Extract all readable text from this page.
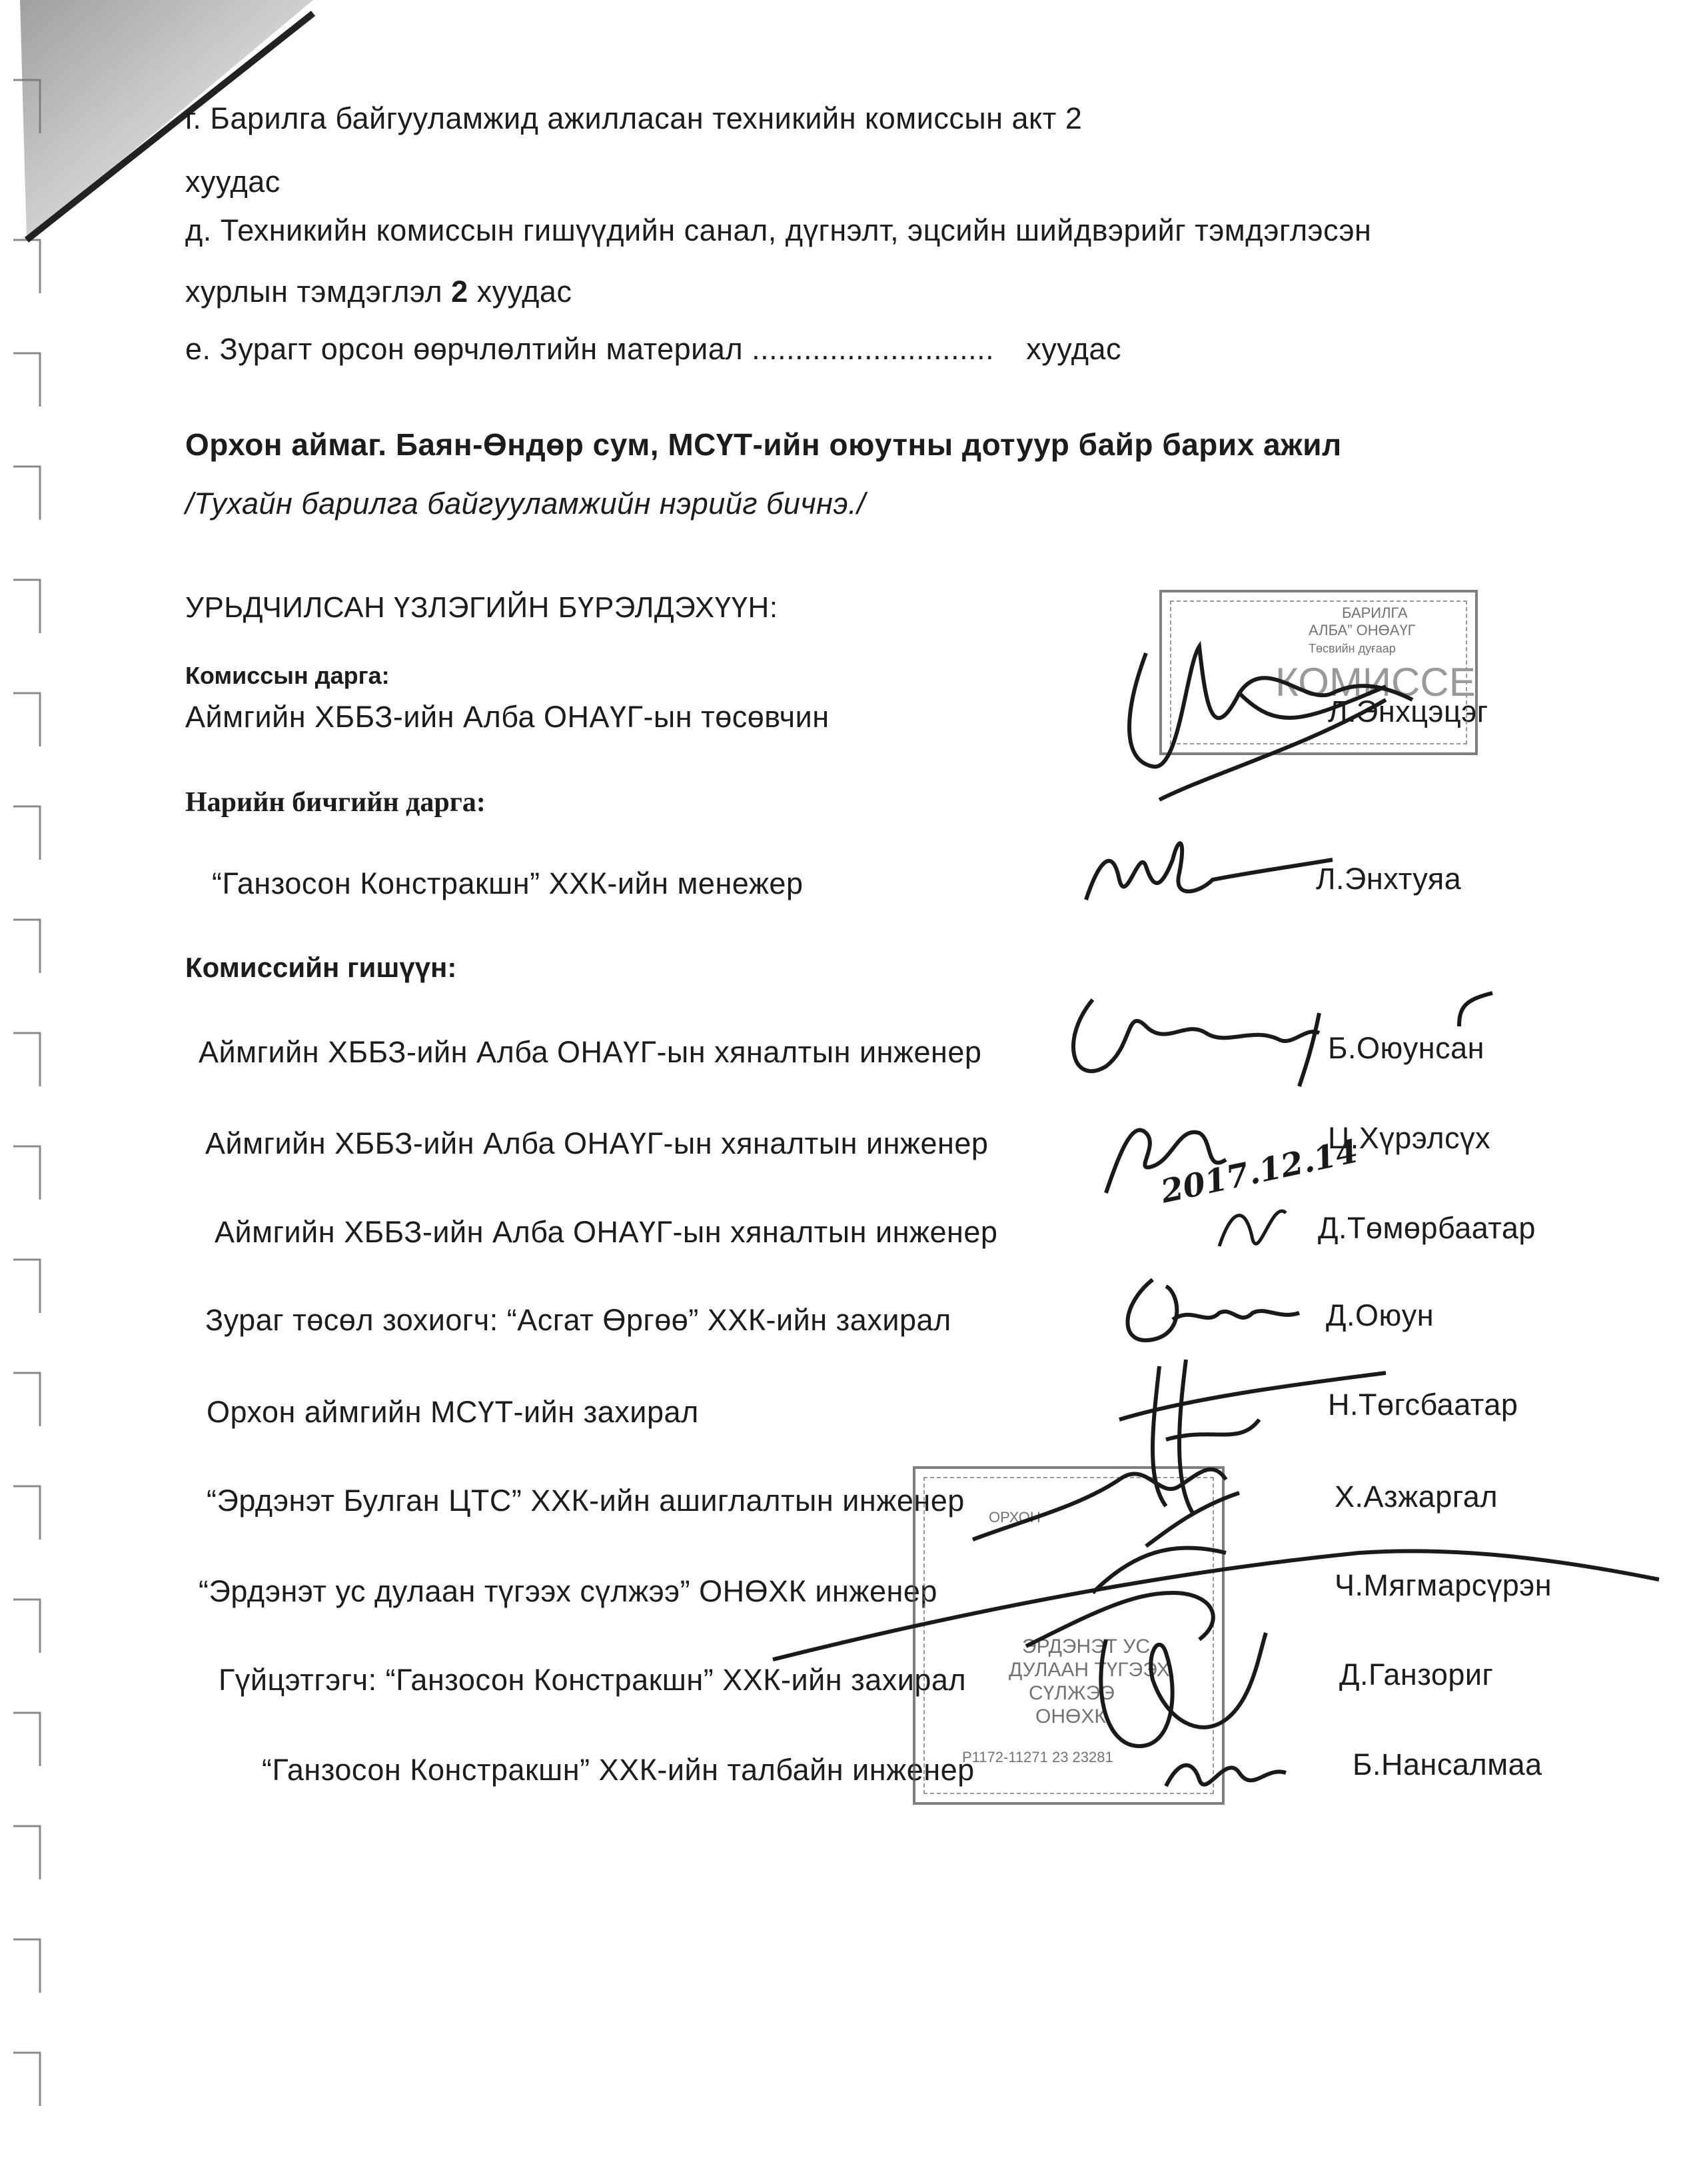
г. Барилга байгууламжид ажилласан техникийн комиссын акт 2
хуудас
д. Техникийн комиссын гишүүдийн санал, дүгнэлт, эцсийн шийдвэрийг тэмдэглэсэн
хурлын тэмдэглэл 2 хуудас
е. Зурагт орсон өөрчлөлтийн материал ............................ хуудас
Орхон аймаг. Баян-Өндөр сум, МСҮТ-ийн оюутны дотуур байр барих ажил
/Тухайн барилга байгууламжийн нэрийг бичнэ./
УРЬДЧИЛСАН ҮЗЛЭГИЙН БҮРЭЛДЭХҮҮН:
Комиссын дарга:
Аймгийн ХББЗ-ийн Алба ОНАҮГ-ын төсөвчин	Л.Энхцэцэг
Нарийн бичгийн дарга:
“Ганзосон Констракшн” ХХК-ийн менежер	Л.Энхтуяа
Комиссийн гишүүн:
Аймгийн ХББЗ-ийн Алба ОНАҮГ-ын хяналтын инженер	Б.Оюунсан
Аймгийн ХББЗ-ийн Алба ОНАҮГ-ын хяналтын инженер	Ц.Хүрэлсүх
Аймгийн ХББЗ-ийн Алба ОНАҮГ-ын хяналтын инженер	Д.Төмөрбаатар
Зураг төсөл зохиогч: “Асгат Өргөө” ХХК-ийн захирал	Д.Оюун
Орхон аймгийн МСҮТ-ийн захирал	Н.Төгсбаатар
“Эрдэнэт Булган ЦТС” ХХК-ийн ашиглалтын инженер	Х.Азжаргал
“Эрдэнэт ус дулаан түгээх сүлжээ” ОНӨХК инженер	Ч.Мягмарсүрэн
Гүйцэтгэгч: “Ганзосон Констракшн” ХХК-ийн захирал	Д.Ганзориг
“Ганзосон Констракшн” ХХК-ийн талбайн инженер	Б.Нансалмаа
БАРИЛГА
АЛБА” ОНӨАҮГ
Төсвийн дуғаар
КОМИССЕ
ОРХОН
ЭРДЭНЭТ УС
ДУЛААН ТҮГЭЭХ
СҮЛЖЭЭ
ОНӨХК
Р1172-11271 23 23281
2017.12.14
